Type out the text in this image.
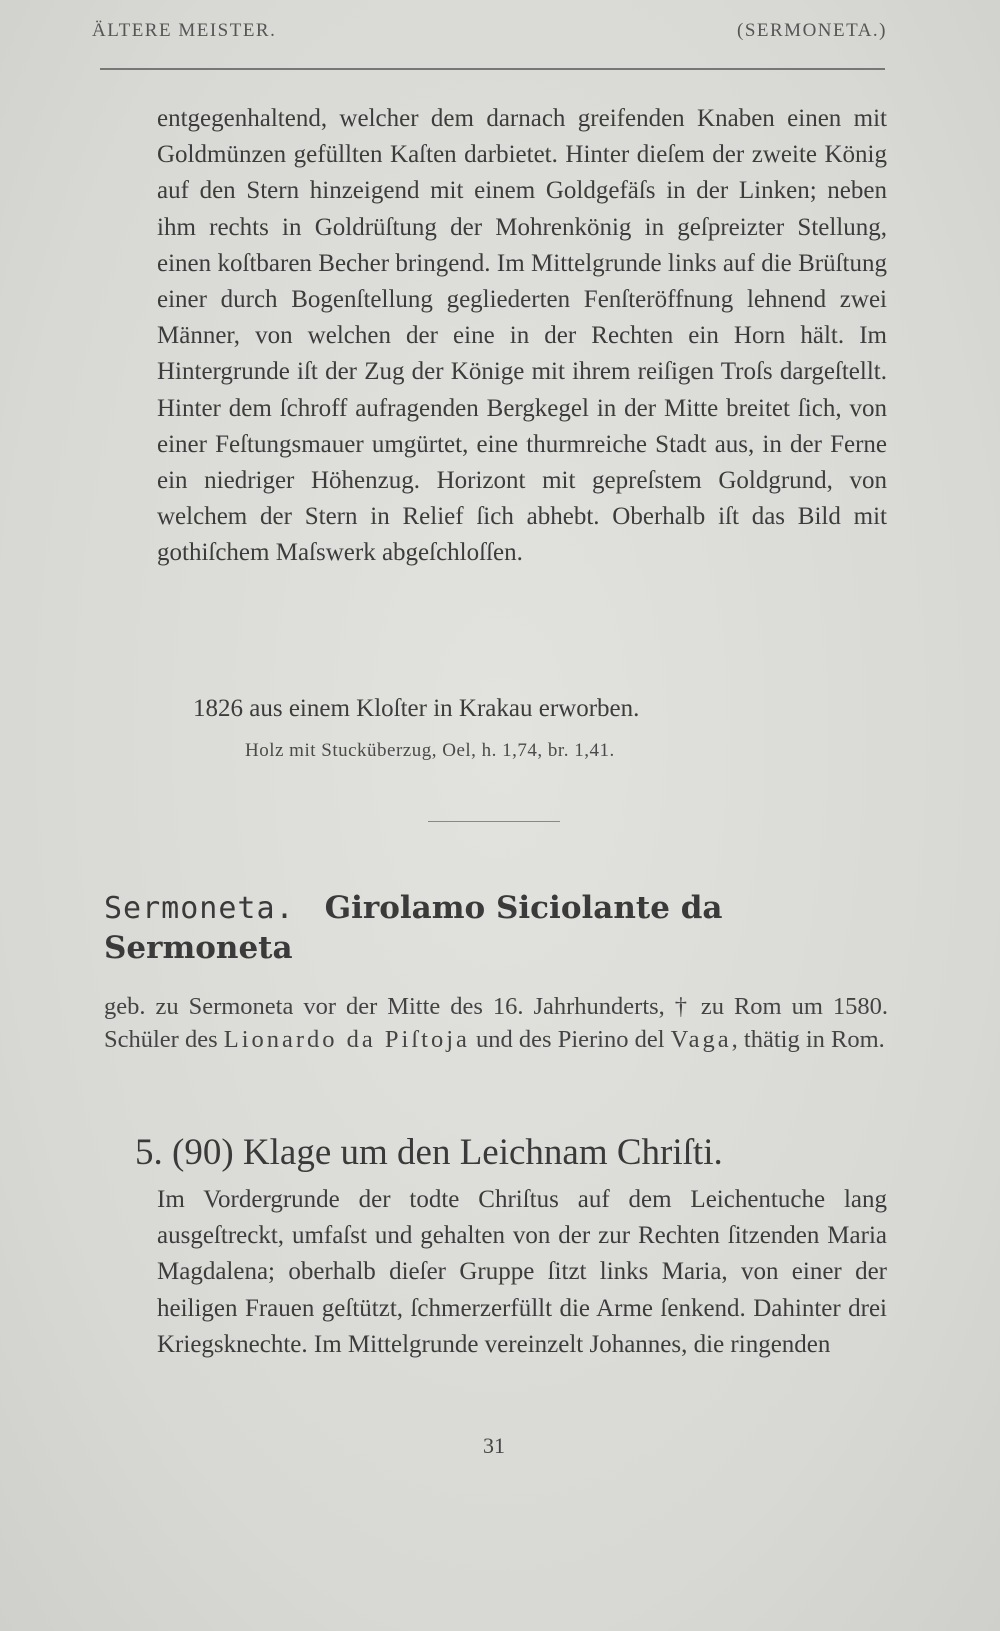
ÄLTERE MEISTER.	(SERMONETA.)

entgegenhaltend, welcher dem darnach greifenden Knaben einen mit Goldmünzen gefüllten Kaſten darbietet. Hinter dieſem der zweite König auf den Stern hinzeigend mit einem Goldgefäſs in der Linken; neben ihm rechts in Goldrüſtung der Mohrenkönig in geſpreizter Stellung, einen koſtbaren Becher bringend. Im Mittelgrunde links auf die Brüſtung einer durch Bogenſtellung gegliederten Fenſteröffnung lehnend zwei Männer, von welchen der eine in der Rechten ein Horn hält. Im Hintergrunde iſt der Zug der Könige mit ihrem reiſigen Troſs dargeſtellt. Hinter dem ſchroff aufragenden Bergkegel in der Mitte breitet ſich, von einer Feſtungsmauer umgürtet, eine thurmreiche Stadt aus, in der Ferne ein niedriger Höhenzug. Horizont mit gepreſstem Goldgrund, von welchem der Stern in Relief ſich abhebt. Oberhalb iſt das Bild mit gothiſchem Maſswerk abgeſchloſſen.

1826 aus einem Kloſter in Krakau erworben.
Holz mit Stucküberzug, Oel, h. 1,74, br. 1,41.
Sermoneta. Girolamo Siciolante da Sermoneta

geb. zu Sermoneta vor der Mitte des 16. Jahrhunderts, † zu Rom um 1580. Schüler des Lionardo da Piſtoja und des Pierino del Vaga, thätig in Rom.

5. (90) Klage um den Leichnam Chriſti.

Im Vordergrunde der todte Chriſtus auf dem Leichentuche lang ausgeſtreckt, umfaſst und gehalten von der zur Rechten ſitzenden Maria Magdalena; oberhalb dieſer Gruppe ſitzt links Maria, von einer der heiligen Frauen geſtützt, ſchmerzerfüllt die Arme ſenkend. Dahinter drei Kriegsknechte. Im Mittelgrunde vereinzelt Johannes, die ringenden

31
